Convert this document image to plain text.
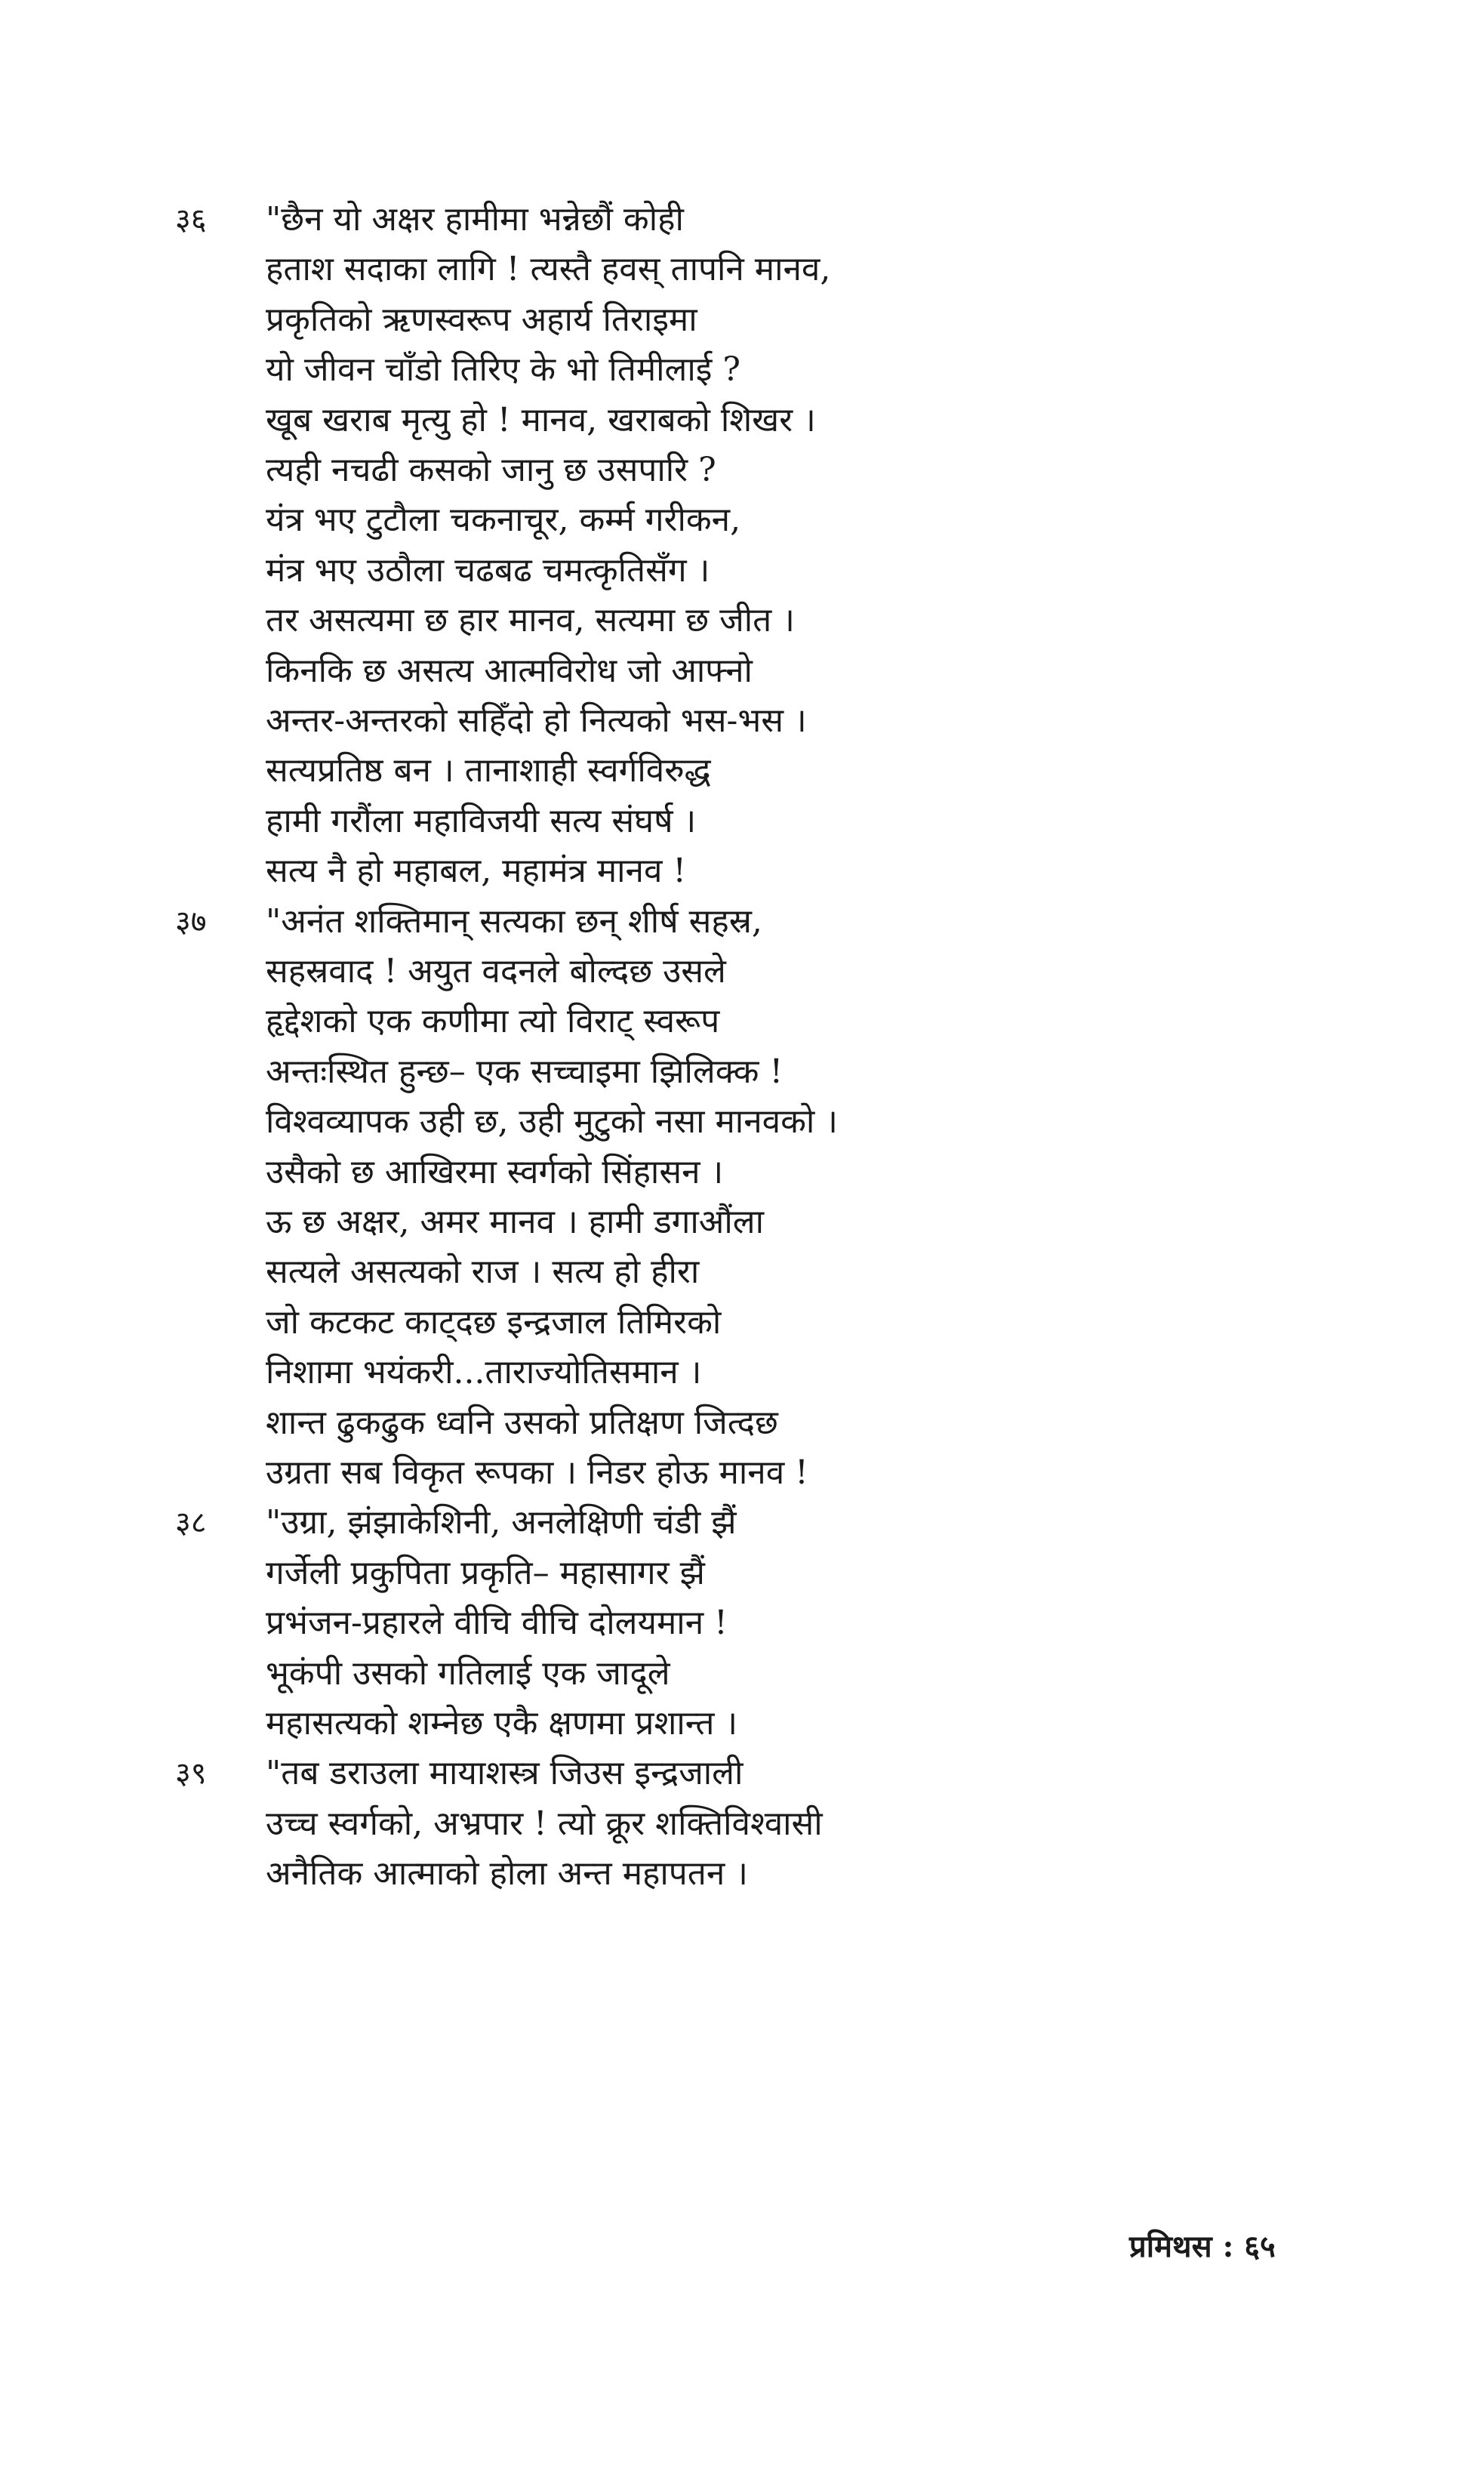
३६ "छैन यो अक्षर हामीमा भन्नेछौं कोही
हताश सदाका लागि ! त्यस्तै हवस् तापनि मानव,
प्रकृतिको ऋणस्वरूप अहार्य तिराइमा
यो जीवन चाँडो तिरिए के भो तिमीलाई ?
खूब खराब मृत्यु हो ! मानव, खराबको शिखर ।
त्यही नचढी कसको जानु छ उसपारि ?
यंत्र भए टुटौला चकनाचूर, कर्म्म गरीकन,
मंत्र भए उठौला चढबढ चमत्कृतिसँग ।
तर असत्यमा छ हार मानव, सत्यमा छ जीत ।
किनकि छ असत्य आत्मविरोध जो आफ्नो
अन्तर-अन्तरको सहिँदो हो नित्यको भस-भस ।
सत्यप्रतिष्ठ बन । तानाशाही स्वर्गविरुद्ध
हामी गरौंला महाविजयी सत्य संघर्ष ।
सत्य नै हो महाबल, महामंत्र मानव !
३७ "अनंत शक्तिमान् सत्यका छन् शीर्ष सहस्र,
सहस्रवाद ! अयुत वदनले बोल्दछ उसले
हृद्देशको एक कणीमा त्यो विराट् स्वरूप
अन्तःस्थित हुन्छ– एक सच्चाइमा झिलिक्क !
विश्वव्यापक उही छ, उही मुटुको नसा मानवको ।
उसैको छ आखिरमा स्वर्गको सिंहासन ।
ऊ छ अक्षर, अमर मानव । हामी डगाऔंला
सत्यले असत्यको राज । सत्य हो हीरा
जो कटकट काट्दछ इन्द्रजाल तिमिरको
निशामा भयंकरी...ताराज्योतिसमान ।
शान्त ढुकढुक ध्वनि उसको प्रतिक्षण जित्दछ
उग्रता सब विकृत रूपका । निडर होऊ मानव !
३८ "उग्रा, झंझाकेशिनी, अनलेक्षिणी चंडी झैं
गर्जेली प्रकुपिता प्रकृति– महासागर झैं
प्रभंजन-प्रहारले वीचि वीचि दोलयमान !
भूकंपी उसको गतिलाई एक जादूले
महासत्यको शम्नेछ एकै क्षणमा प्रशान्त ।
३९ "तब डराउला मायाशस्त्र जिउस इन्द्रजाली
उच्च स्वर्गको, अभ्रपार ! त्यो क्रूर शक्तिविश्वासी
अनैतिक आत्माको होला अन्त महापतन ।
प्रमिथस : ६५
